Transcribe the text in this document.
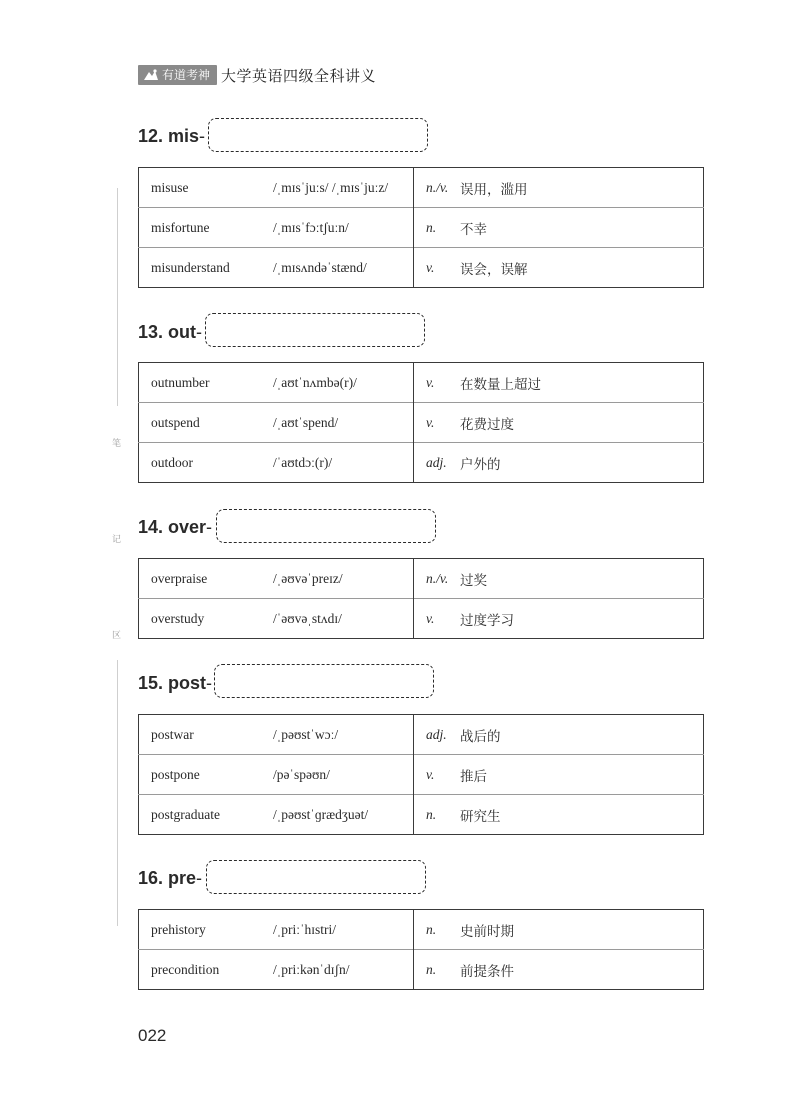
有道考神 大学英语四级全科讲义
笔
记
区
12. mis-
misuse	/ˌmɪsˈjuːs/ /ˌmɪsˈjuːz/	n./v.	误用，滥用
misfortune	/ˌmɪsˈfɔːtʃuːn/	n.	不幸
misunderstand	/ˌmɪsʌndəˈstænd/	v.	误会，误解
13. out-
outnumber	/ˌaʊtˈnʌmbə(r)/	v.	在数量上超过
outspend	/ˌaʊtˈspend/	v.	花费过度
outdoor	/ˈaʊtdɔː(r)/	adj.	户外的
14. over-
overpraise	/ˌəʊvəˈpreɪz/	n./v.	过奖
overstudy	/ˈəʊvəˌstʌdɪ/	v.	过度学习
15. post-
postwar	/ˌpəʊstˈwɔː/	adj.	战后的
postpone	/pəˈspəʊn/	v.	推后
postgraduate	/ˌpəʊstˈɡrædʒuət/	n.	研究生
16. pre-
prehistory	/ˌpriːˈhɪstri/	n.	史前时期
precondition	/ˌpriːkənˈdɪʃn/	n.	前提条件
022
